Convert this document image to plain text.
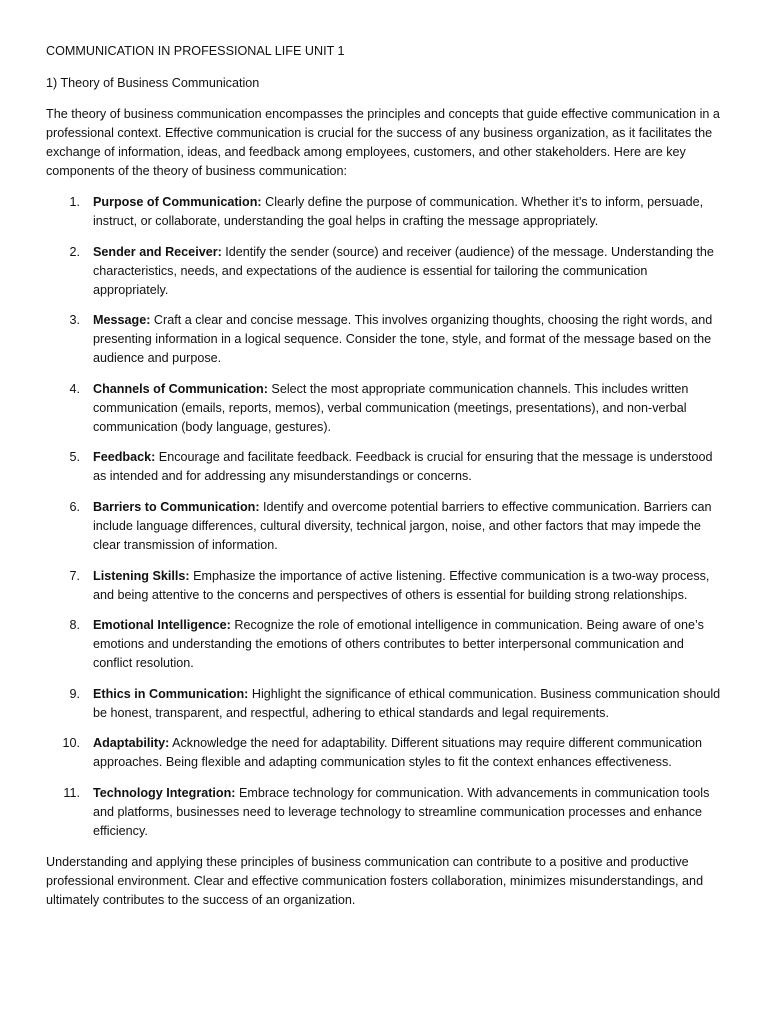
COMMUNICATION IN PROFESSIONAL LIFE UNIT 1
1) Theory of Business Communication

The theory of business communication encompasses the principles and concepts that guide effective communication in a professional context. Effective communication is crucial for the success of any business organization, as it facilitates the exchange of information, ideas, and feedback among employees, customers, and other stakeholders. Here are key components of the theory of business communication:

1. Purpose of Communication: Clearly define the purpose of communication. Whether it’s to inform, persuade, instruct, or collaborate, understanding the goal helps in crafting the message appropriately.
2. Sender and Receiver: Identify the sender (source) and receiver (audience) of the message. Understanding the characteristics, needs, and expectations of the audience is essential for tailoring the communication appropriately.
3. Message: Craft a clear and concise message. This involves organizing thoughts, choosing the right words, and presenting information in a logical sequence. Consider the tone, style, and format of the message based on the audience and purpose.
4. Channels of Communication: Select the most appropriate communication channels. This includes written communication (emails, reports, memos), verbal communication (meetings, presentations), and non-verbal communication (body language, gestures).
5. Feedback: Encourage and facilitate feedback. Feedback is crucial for ensuring that the message is understood as intended and for addressing any misunderstandings or concerns.
6. Barriers to Communication: Identify and overcome potential barriers to effective communication. Barriers can include language differences, cultural diversity, technical jargon, noise, and other factors that may impede the clear transmission of information.
7. Listening Skills: Emphasize the importance of active listening. Effective communication is a two-way process, and being attentive to the concerns and perspectives of others is essential for building strong relationships.
8. Emotional Intelligence: Recognize the role of emotional intelligence in communication. Being aware of one’s emotions and understanding the emotions of others contributes to better interpersonal communication and conflict resolution.
9. Ethics in Communication: Highlight the significance of ethical communication. Business communication should be honest, transparent, and respectful, adhering to ethical standards and legal requirements.
10. Adaptability: Acknowledge the need for adaptability. Different situations may require different communication approaches. Being flexible and adapting communication styles to fit the context enhances effectiveness.
11. Technology Integration: Embrace technology for communication. With advancements in communication tools and platforms, businesses need to leverage technology to streamline communication processes and enhance efficiency.

Understanding and applying these principles of business communication can contribute to a positive and productive professional environment. Clear and effective communication fosters collaboration, minimizes misunderstandings, and ultimately contributes to the success of an organization.
